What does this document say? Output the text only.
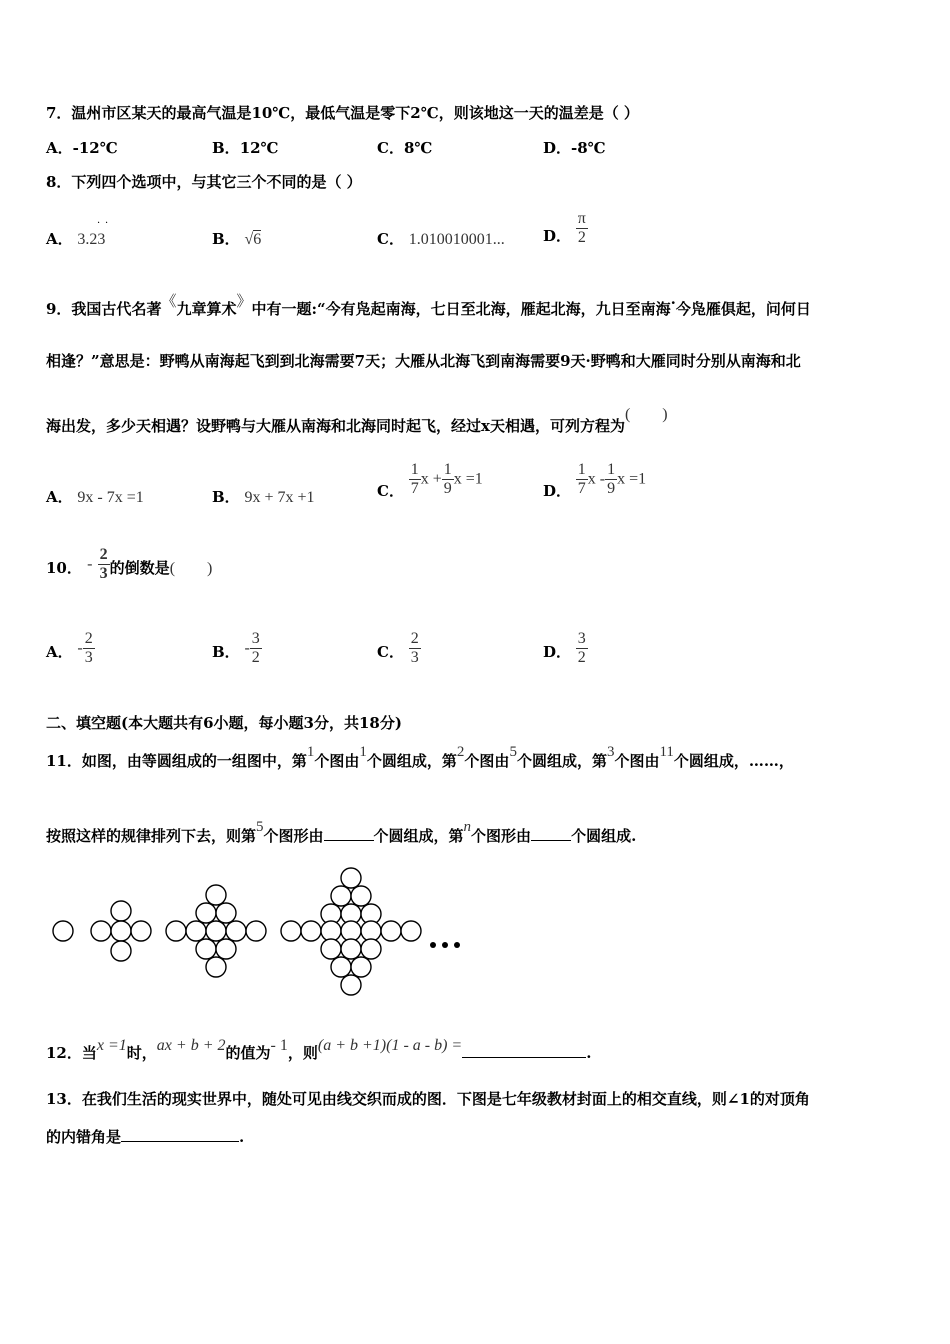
7．温州市区某天的最高气温是10℃，最低气温是零下2℃，则该地这一天的温差是（ ）
A．-12℃	B．12℃	C．8℃	D．-8℃
8．下列四个选项中，与其它三个不同的是（ ）
A． 3.23
· ·
B． √6	C． 1.010010001...	D． $\frac{\pi}{2}$
9．我国古代名著《九章算术》中有一题:“今有凫起南海，七日至北海，雁起北海，九日至南海·今凫雁俱起，问何日
相逢？”意思是：野鸭从南海起飞到到北海需要7天；大雁从北海飞到南海需要9天·野鸭和大雁同时分别从南海和北
海出发，多少天相遇？设野鸭与大雁从南海和北海同时起飞，经过x天相遇，可列方程为(　　)
A． 9x - 7x =1	B． 9x + 7x +1	C． $\frac{1}{7}$ $x + \frac{1}{9}$ x =1
D． $\frac{1}{7}$ x - $\frac{1}{9}$ x =1
10． - $\frac{2}{3}$ 的倒数是(　　)
A． - $\frac{2}{3}$	B． - $\frac{3}{2}$	C． $\frac{2}{3}$	D． $\frac{3}{2}$
二、填空题(本大题共有6小题，每小题3分，共18分)
11．如图，由等圆组成的一组图中，第1个图由1个圆组成，第2个图由5个圆组成，第3个图由11个圆组成，……，
按照这样的规律排列下去，则第5个图形由	个圆组成，第n个图形由	个圆组成.
12．当x =1时，ax + b + 2的值为- 1，则(a + b +1)(1 - a - b) =	.
13．在我们生活的现实世界中，随处可见由线交织而成的图．下图是七年级教材封面上的相交直线，则∠1的对顶角
的内错角是	.
